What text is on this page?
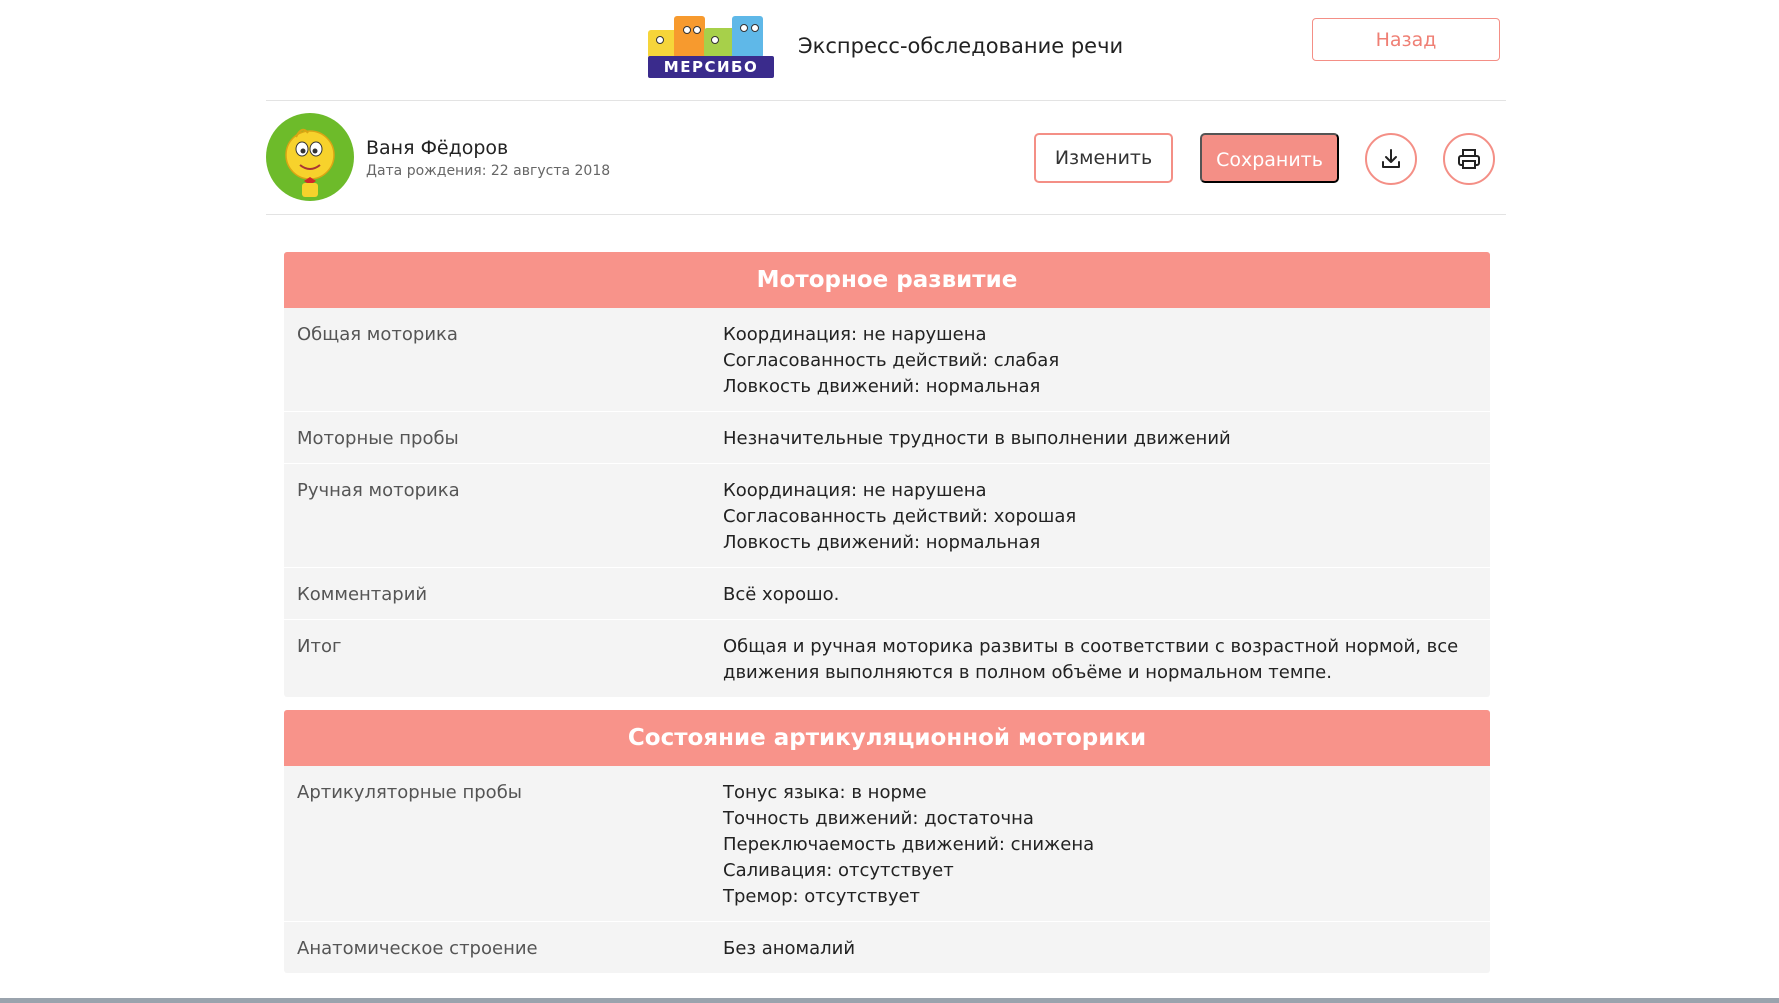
МЕРСИБО
Экспресс-обследование речи	Назад
Ваня Фёдоров
Дата рождения: 22 августа 2018
Изменить	Сохранить
Моторное развитие
Общая моторика	Координация: не нарушена
Согласованность действий: слабая
Ловкость движений: нормальная
Моторные пробы	Незначительные трудности в выполнении движений
Ручная моторика	Координация: не нарушена
Согласованность действий: хорошая
Ловкость движений: нормальная
Комментарий	Всё хорошо.
Итог	Общая и ручная моторика развиты в соответствии с возрастной нормой, все движения выполняются в полном объёме и нормальном темпе.
Состояние артикуляционной моторики
Артикуляторные пробы	Тонус языка: в норме
Точность движений: достаточна
Переключаемость движений: снижена
Саливация: отсутствует
Тремор: отсутствует
Анатомическое строение	Без аномалий
